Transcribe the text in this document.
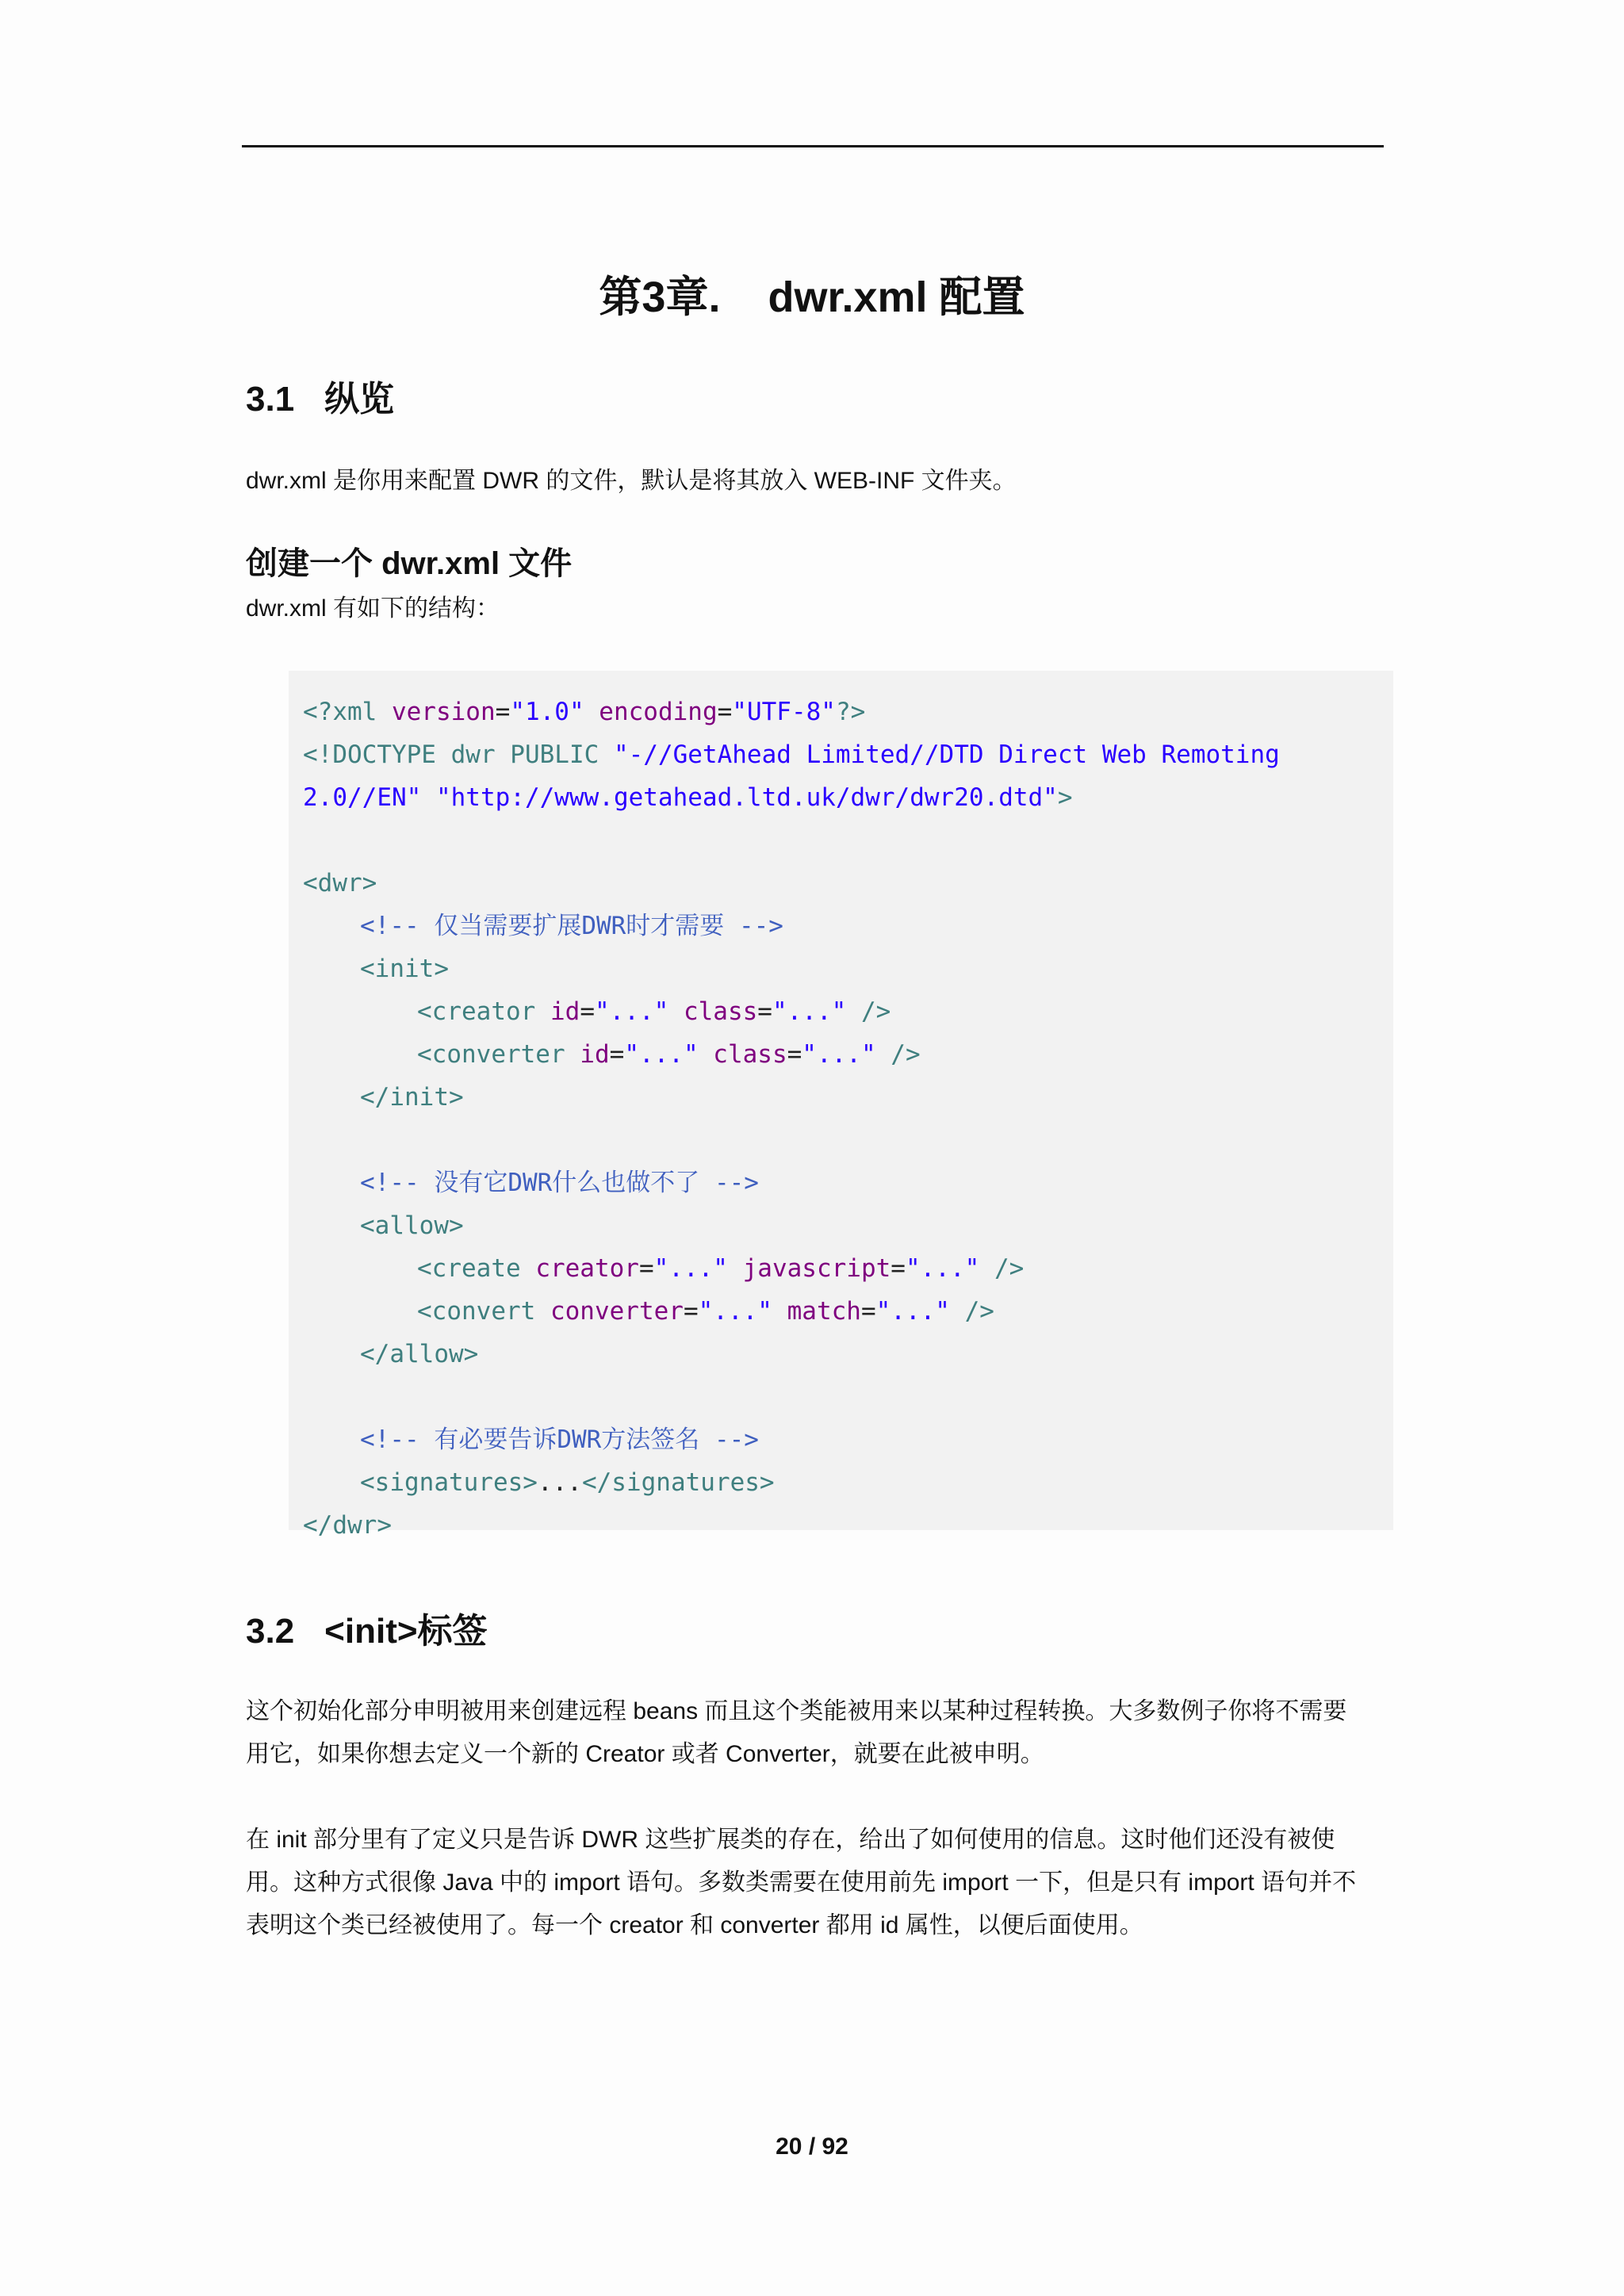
第3章.    dwr.xml 配置
3.1 纵览
dwr.xml 是你用来配置 DWR 的文件，默认是将其放入 WEB-INF 文件夹。
创建一个 dwr.xml 文件
dwr.xml 有如下的结构：
<?xml version="1.0" encoding="UTF-8"?>
<!DOCTYPE dwr PUBLIC "-//GetAhead Limited//DTD Direct Web Remoting
2.0//EN" "http://www.getahead.ltd.uk/dwr/dwr20.dtd">
<dwr>
<!-- 仅当需要扩展DWR时才需要 -->
<init>
<creator id="..." class="..." />
<converter id="..." class="..." />
</init>
<!-- 没有它DWR什么也做不了 -->
<allow>
<create creator="..." javascript="..." />
<convert converter="..." match="..." />
</allow>
<!-- 有必要告诉DWR方法签名 -->
<signatures>...</signatures>
</dwr>
3.2 <init>标签
这个初始化部分申明被用来创建远程 beans 而且这个类能被用来以某种过程转换。大多数例子你将不需要
用它，如果你想去定义一个新的 Creator 或者 Converter，就要在此被申明。
在 init 部分里有了定义只是告诉 DWR 这些扩展类的存在，给出了如何使用的信息。这时他们还没有被使
用。这种方式很像 Java 中的 import 语句。多数类需要在使用前先 import 一下，但是只有 import 语句并不
表明这个类已经被使用了。每一个 creator 和 converter 都用 id 属性，以便后面使用。
20 / 92
